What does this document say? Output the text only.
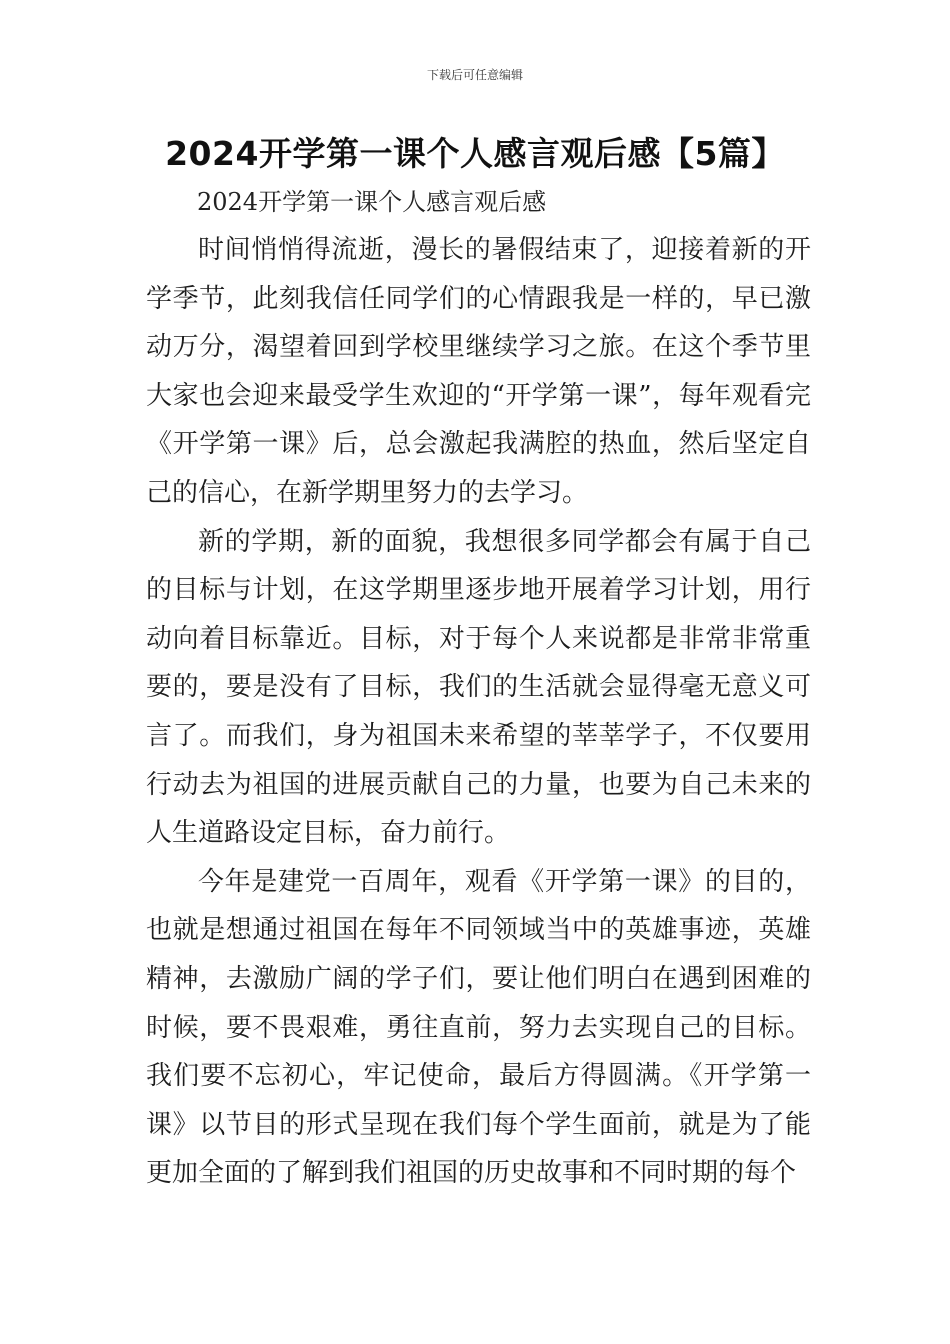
下载后可任意编辑
2024开学第一课个人感言观后感【5篇】
2024开学第一课个人感言观后感

时间悄悄得流逝，漫长的暑假结束了，迎接着新的开学季节，此刻我信任同学们的心情跟我是一样的，早已激动万分，渴望着回到学校里继续学习之旅。在这个季节里大家也会迎来最受学生欢迎的“开学第一课”，每年观看完《开学第一课》后，总会激起我满腔的热血，然后坚定自己的信心，在新学期里努力的去学习。

新的学期，新的面貌，我想很多同学都会有属于自己的目标与计划，在这学期里逐步地开展着学习计划，用行动向着目标靠近。目标，对于每个人来说都是非常非常重要的，要是没有了目标，我们的生活就会显得毫无意义可言了。而我们，身为祖国未来希望的莘莘学子，不仅要用行动去为祖国的进展贡献自己的力量，也要为自己未来的人生道路设定目标，奋力前行。

今年是建党一百周年，观看《开学第一课》的目的，也就是想通过祖国在每年不同领域当中的英雄事迹，英雄精神，去激励广阔的学子们，要让他们明白在遇到困难的时候，要不畏艰难，勇往直前，努力去实现自己的目标。我们要不忘初心，牢记使命，最后方得圆满。《开学第一课》以节目的形式呈现在我们每个学生面前，就是为了能更加全面的了解到我们祖国的历史故事和不同时期的每个
